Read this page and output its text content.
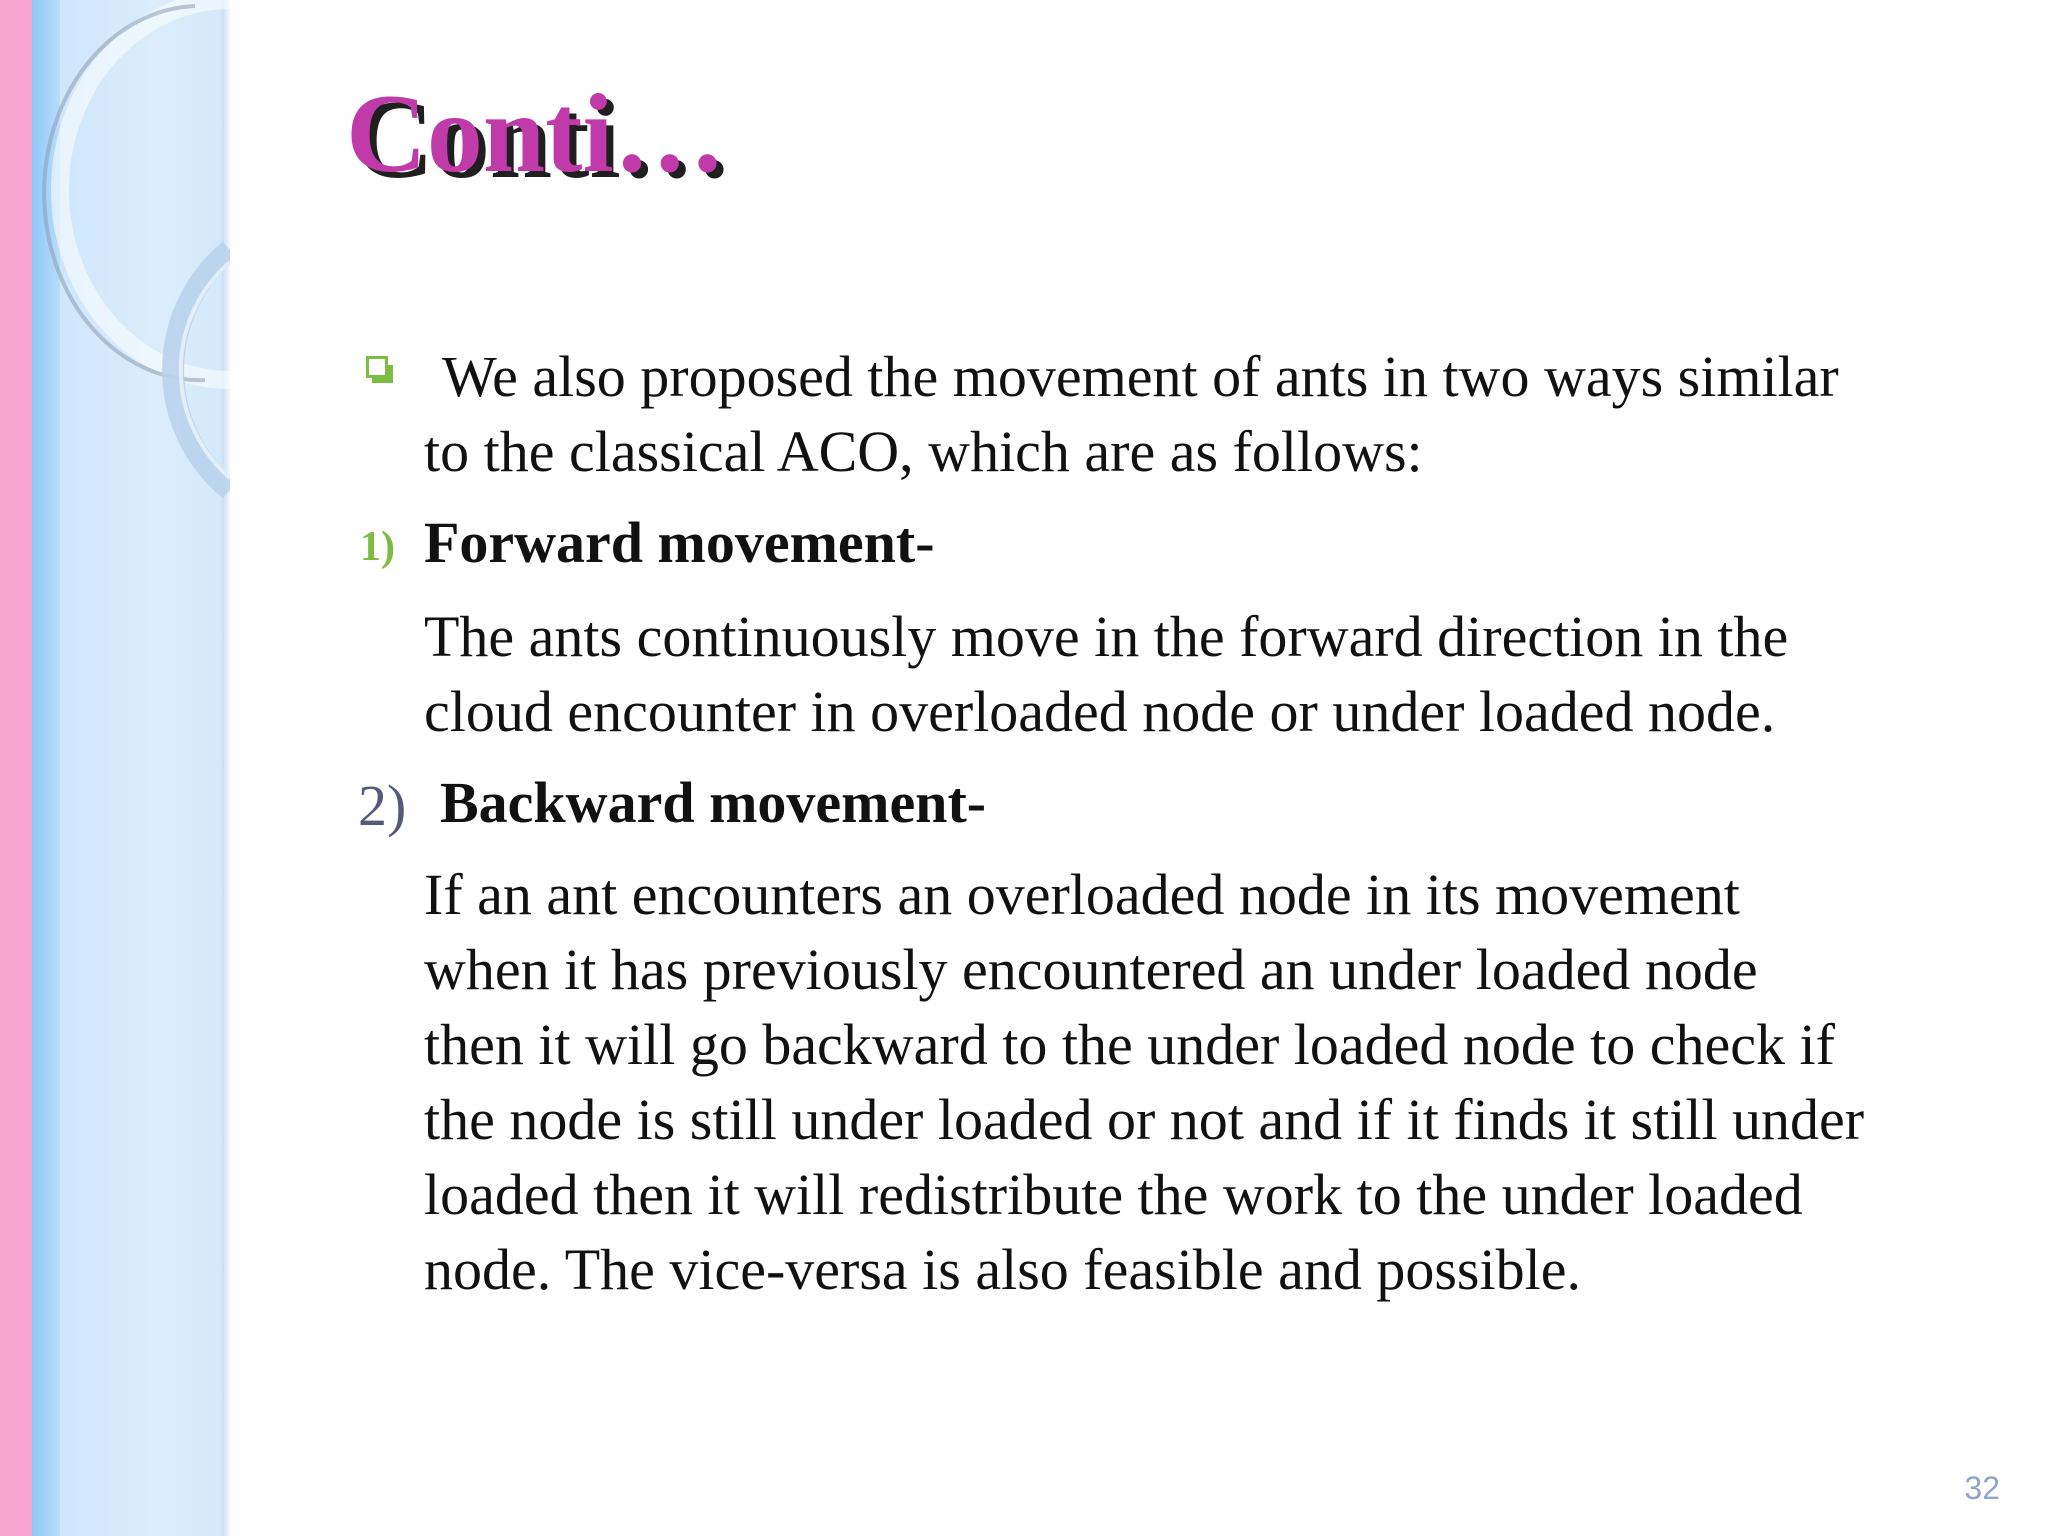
Conti…
We also proposed the movement of ants in two ways similar
to the classical ACO, which are as follows:
1) Forward movement-
The ants continuously move in the forward direction in the
cloud encounter in overloaded node or under loaded node.
2) Backward movement-
If an ant encounters an overloaded node in its movement
when it has previously encountered an under loaded node
then it will go backward to the under loaded node to check if
the node is still under loaded or not and if it finds it still under
loaded then it will redistribute the work to the under loaded
node. The vice-versa is also feasible and possible.
32
